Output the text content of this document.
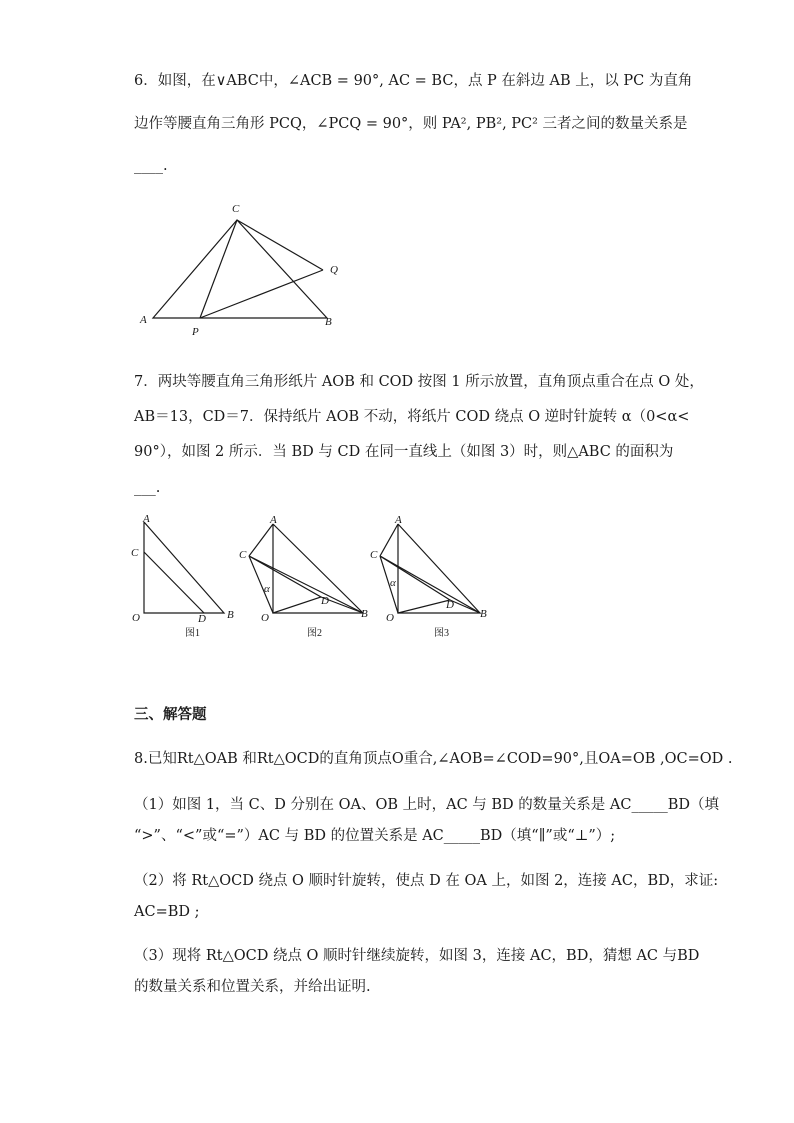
6．如图，在∨ABC中，∠ACB = 90°, AC = BC，点 P 在斜边 AB 上，以 PC 为直角
边作等腰直角三角形 PCQ，∠PCQ = 90°，则 PA², PB², PC² 三者之间的数量关系是
____.
C
A	B
P
Q
7．两块等腰直角三角形纸片 AOB 和 COD 按图 1 所示放置，直角顶点重合在点 O 处，
AB＝13，CD＝7．保持纸片 AOB 不动，将纸片 COD 绕点 O 逆时针旋转 α（0<α<
90°），如图 2 所示．当 BD 与 CD 在同一直线上（如图 3）时，则△ABC 的面积为
___.
A
C
O	D B
图1
A
C
α
D
O	B
图2
A
C
α
D
O	B
图3
三、解答题
8.已知Rt△OAB 和Rt△OCD的直角顶点O重合,∠AOB=∠COD=90°,且OA=OB ,OC=OD .
（1）如图 1，当 C、D 分别在 OA、OB 上时，AC 与 BD 的数量关系是 AC_____BD（填
“>”、“<”或“=”）AC 与 BD 的位置关系是 AC_____BD（填“∥”或“⊥”）;
（2）将 Rt△OCD 绕点 O 顺时针旋转，使点 D 在 OA 上，如图 2，连接 AC，BD，求证:
AC=BD ;
（3）现将 Rt△OCD 绕点 O 顺时针继续旋转，如图 3，连接 AC，BD，猜想 AC 与BD
的数量关系和位置关系，并给出证明.
